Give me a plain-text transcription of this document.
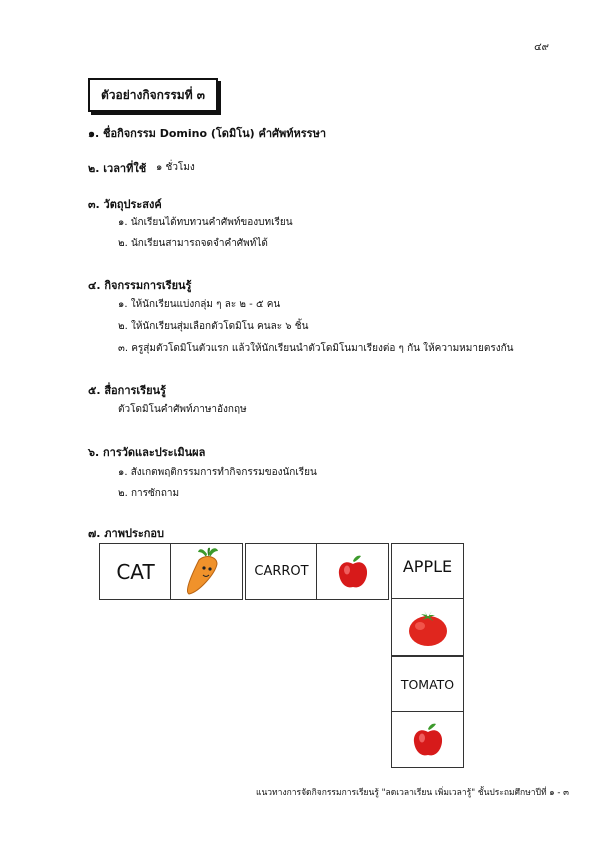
๔๙
ตัวอย่างกิจกรรมที่ ๓
๑. ชื่อกิจกรรม Domino (โดมิโน) คำศัพท์หรรษา
๒. เวลาที่ใช้ ๑ ชั่วโมง
๓. วัตถุประสงค์
๑. นักเรียนได้ทบทวนคำศัพท์ของบทเรียน
๒. นักเรียนสามารถจดจำคำศัพท์ได้
๔. กิจกรรมการเรียนรู้
๑. ให้นักเรียนแบ่งกลุ่ม ๆ ละ ๒ - ๕ คน
๒. ให้นักเรียนสุ่มเลือกตัวโดมิโน คนละ ๖ ชิ้น
๓. ครูสุ่มตัวโดมิโนตัวแรก แล้วให้นักเรียนนำตัวโดมิโนมาเรียงต่อ ๆ กัน ให้ความหมายตรงกัน
๕. สื่อการเรียนรู้
ตัวโดมิโนคำศัพท์ภาษาอังกฤษ
๖. การวัดและประเมินผล
๑. สังเกตพฤติกรรมการทำกิจกรรมของนักเรียน
๒. การซักถาม
๗. ภาพประกอบ
CAT	CARROT	APPLE
TOMATO
แนวทางการจัดกิจกรรมการเรียนรู้ "ลดเวลาเรียน เพิ่มเวลารู้" ชั้นประถมศึกษาปีที่ ๑ - ๓
